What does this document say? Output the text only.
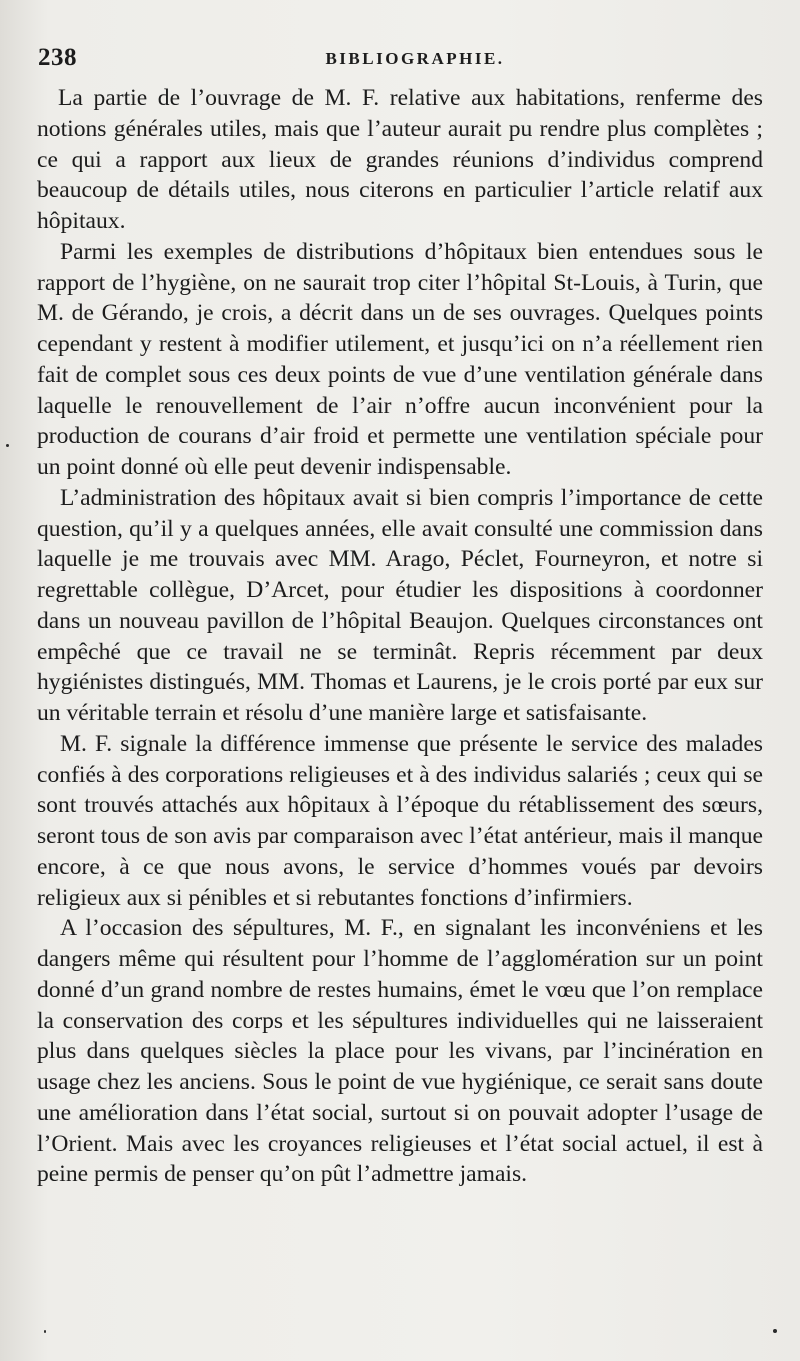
238	BIBLIOGRAPHIE.

La partie de l’ouvrage de M. F. relative aux habitations, renferme des notions générales utiles, mais que l’auteur aurait pu rendre plus complètes ; ce qui a rapport aux lieux de grandes réunions d’individus comprend beaucoup de détails utiles, nous citerons en particulier l’article relatif aux hôpitaux.

Parmi les exemples de distributions d’hôpitaux bien entendues sous le rapport de l’hygiène, on ne saurait trop citer l’hôpital St-Louis, à Turin, que M. de Gérando, je crois, a décrit dans un de ses ouvrages. Quelques points cependant y restent à modifier utilement, et jusqu’ici on n’a réellement rien fait de complet sous ces deux points de vue d’une ventilation générale dans laquelle le renouvellement de l’air n’offre aucun inconvénient pour la production de courans d’air froid et permette une ventilation spéciale pour un point donné où elle peut devenir indispensable.

L’administration des hôpitaux avait si bien compris l’importance de cette question, qu’il y a quelques années, elle avait consulté une commission dans laquelle je me trouvais avec MM. Arago, Péclet, Fourneyron, et notre si regrettable collègue, D’Arcet, pour étudier les dispositions à coordonner dans un nouveau pavillon de l’hôpital Beaujon. Quelques circonstances ont empêché que ce travail ne se terminât. Repris récemment par deux hygiénistes distingués, MM. Thomas et Laurens, je le crois porté par eux sur un véritable terrain et résolu d’une manière large et satisfaisante.

M. F. signale la différence immense que présente le service des malades confiés à des corporations religieuses et à des individus salariés ; ceux qui se sont trouvés attachés aux hôpitaux à l’époque du rétablissement des sœurs, seront tous de son avis par comparaison avec l’état antérieur, mais il manque encore, à ce que nous avons, le service d’hommes voués par devoirs religieux aux si pénibles et si rebutantes fonctions d’infirmiers.

A l’occasion des sépultures, M. F., en signalant les inconvéniens et les dangers même qui résultent pour l’homme de l’agglomération sur un point donné d’un grand nombre de restes humains, émet le vœu que l’on remplace la conservation des corps et les sépultures individuelles qui ne laisseraient plus dans quelques siècles la place pour les vivans, par l’incinération en usage chez les anciens. Sous le point de vue hygiénique, ce serait sans doute une amélioration dans l’état social, surtout si on pouvait adopter l’usage de l’Orient. Mais avec les croyances religieuses et l’état social actuel, il est à peine permis de penser qu’on pût l’admettre jamais.
